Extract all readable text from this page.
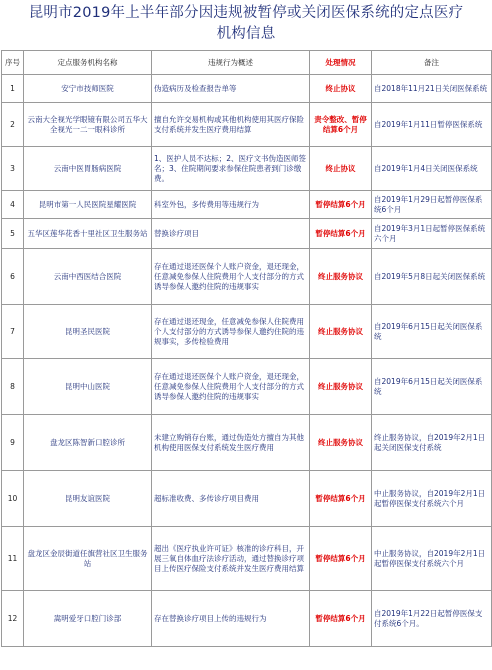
昆明市2019年上半年部分因违规被暂停或关闭医保系统的定点医疗机构信息
序号	定点服务机构名称	违规行为概述	处理情况	备注
1	安宁市技师医院	伪造病历及检查报告单等	终止协议	自2018年11月21日关闭医保系统
2	云南大全视光学眼镜有限公司五华大全视光一二一眼科诊所	擅自允许交易机构或其他机构使用其医疗保险支付系统并发生医疗费用结算	责令整改、暂停结算6个月	自2019年1月11日暂停医保系统
3	云南中医胃肠病医院	1、医护人员不达标；2、医疗文书伪造医师签名；3、住院期间要求参保住院患者到门诊缴费。	终止协议	自2019年1月4日关闭医保系统
4	昆明市第一人民医院星耀医院	科室外包，多传费用等违规行为	暂停结算6个月	自2019年1月29日起暂停医保系统6个月
5	五华区莲华花香十里社区卫生服务站	替换诊疗项目	暂停结算6个月	自2019年3月1日起暂停医保系统六个月
6	云南中西医结合医院	存在通过退还医保个人账户资金，退还现金，任意减免参保人住院费用个人支付部分的方式诱导参保人邀约住院的违规事实	终止服务协议	自2019年5月8日起关闭医保系统
7	昆明圣民医院	存在通过退还现金，任意减免参保人住院费用个人支付部分的方式诱导参保人邀约住院的违规事实，多传检验费用	终止服务协议	自2019年6月15日起关闭医保系统
8	昆明中山医院	存在通过退还医保个人账户资金，退还现金，任意减免参保人住院费用个人支付部分的方式诱导参保人邀约住院的违规事实	终止服务协议	自2019年6月15日起关闭医保系统
9	盘龙区陈智新口腔诊所	未建立购销存台账，通过伪造处方擅自为其他机构使用医保支付系统发生医疗费用	终止服务协议	终止服务协议，自2019年2月1日起关闭医保支付系统
10	昆明友谊医院	超标准收费、多传诊疗项目费用	暂停结算6个月	中止服务协议，自2019年2月1日起暂停医保支付系统六个月
11	盘龙区金辰街道任旗营社区卫生服务站	超出《医疗执业许可证》核准的诊疗科目，开展三氧自体血疗法诊疗活动，通过替换诊疗项目上传医疗保险支付系统并发生医疗费用结算	暂停结算6个月	中止服务协议，自2019年2月1日起暂停医保支付系统六个月
12	嵩明爱牙口腔门诊部	存在替换诊疗项目上传的违规行为	暂停结算6个月	自2019年1月22日起暂停医保支付系统6个月。
